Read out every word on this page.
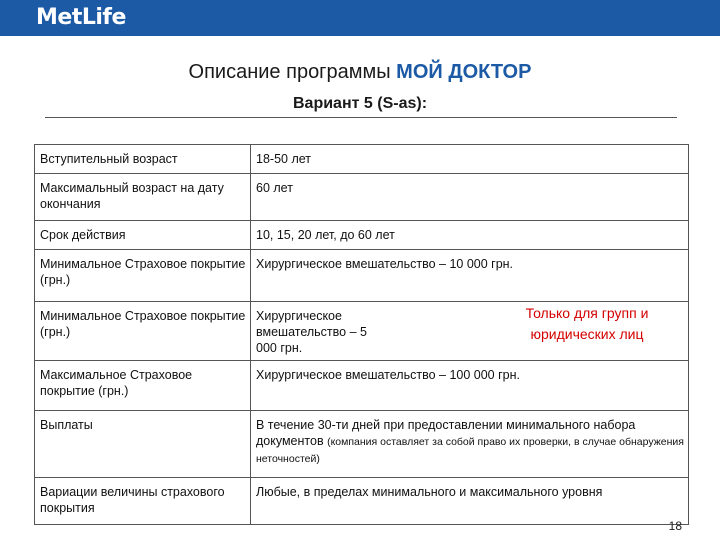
MetLife
Описание программы МОЙ ДОКТОР
Вариант 5 (S-as):
Вступительный возраст	18-50 лет
Максимальный возраст на дату окончания	60 лет
Срок действия	10, 15, 20 лет, до 60 лет
Минимальное Страховое покрытие (грн.)	Хирургическое вмешательство – 10 000 грн.
Минимальное Страховое покрытие (грн.)	Хирургическое вмешательство – 5 000 грн.

Максимальное Страховое покрытие (грн.)	Хирургическое вмешательство – 100 000 грн.
Выплаты	В течение 30-ти дней при предоставлении минимального набора документов (компания оставляет за собой право их проверки, в случае обнаружения неточностей)
Вариации величины страхового покрытия	Любые, в пределах минимального и максимального уровня
Только для групп и юридических лиц
18
